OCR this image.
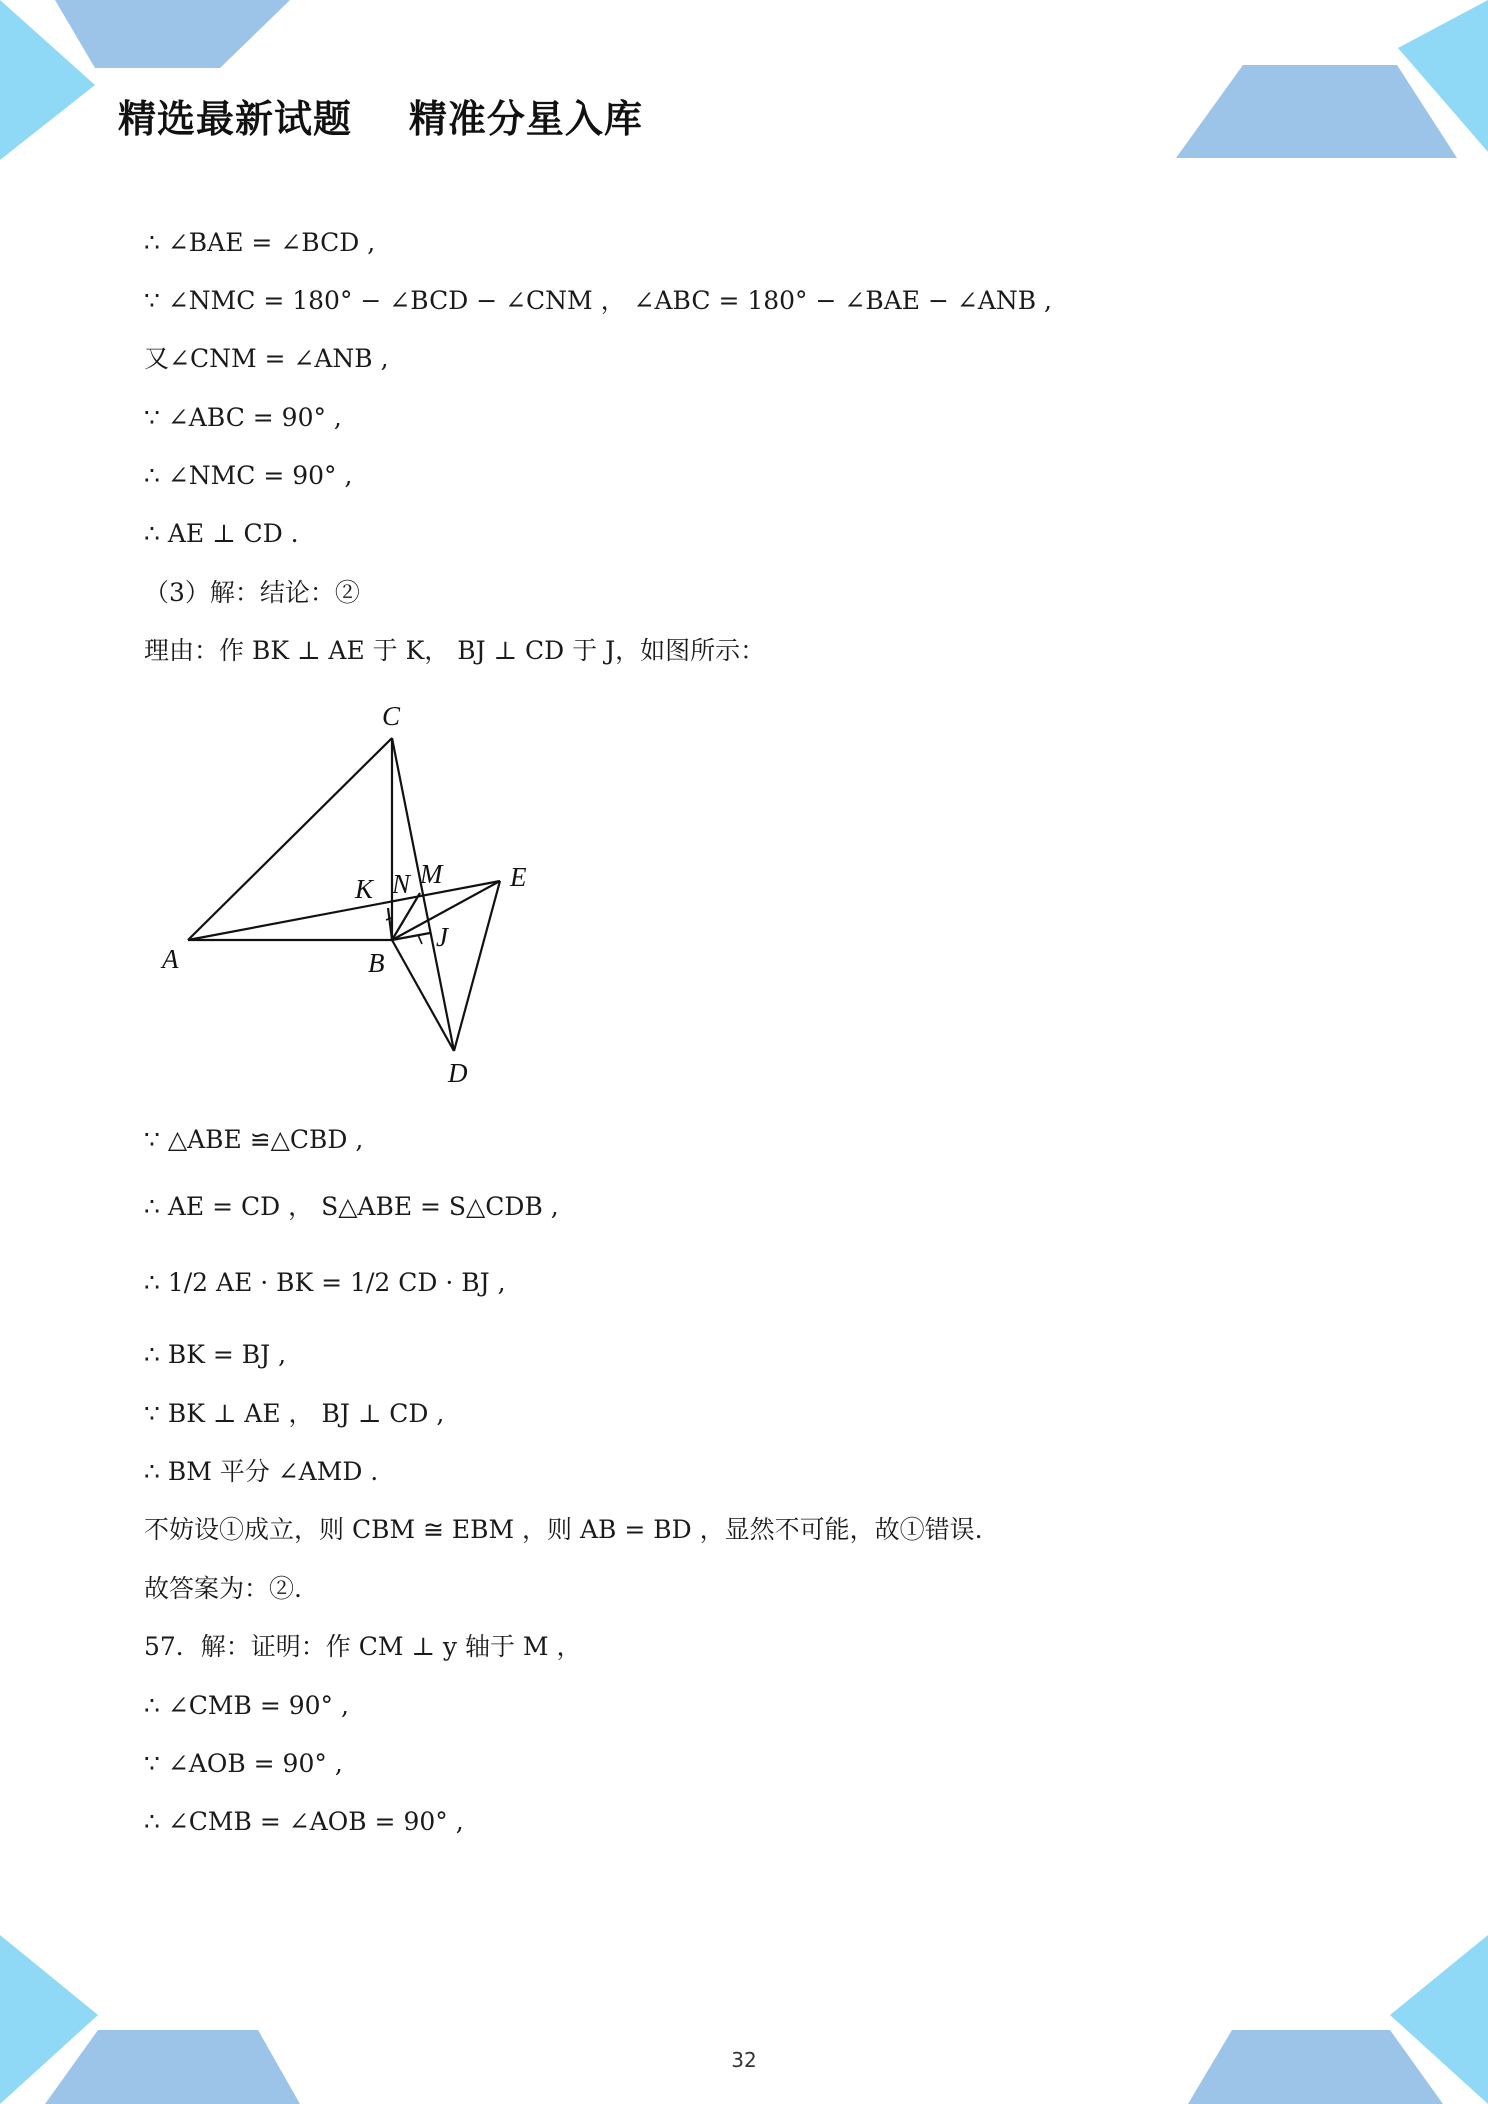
精选最新试题    精准分星入库
∴ ∠BAE = ∠BCD ,
∵ ∠NMC = 180° − ∠BCD − ∠CNM ， ∠ABC = 180° − ∠BAE − ∠ANB ,
又∠CNM = ∠ANB ,
∵ ∠ABC = 90° ,
∴ ∠NMC = 90° ,
∴ AE ⊥ CD .
（3）解：结论：②
理由：作 BK ⊥ AE 于 K， BJ ⊥ CD 于 J，如图所示：
C
A	B
D
E
K N M
J
∵ △ABE ≌△CBD ,
∴ AE = CD ， S△ABE = S△CDB ,
∴ 1/2 AE · BK = 1/2 CD · BJ ,
∴ BK = BJ ,
∵ BK ⊥ AE ， BJ ⊥ CD ,
∴ BM 平分 ∠AMD .
不妨设①成立，则 CBM ≅ EBM ，则 AB = BD ，显然不可能，故①错误.
故答案为：②.
57．解：证明：作 CM ⊥ y 轴于 M ，
∴ ∠CMB = 90° ,
∵ ∠AOB = 90° ,
∴ ∠CMB = ∠AOB = 90° ,
32
